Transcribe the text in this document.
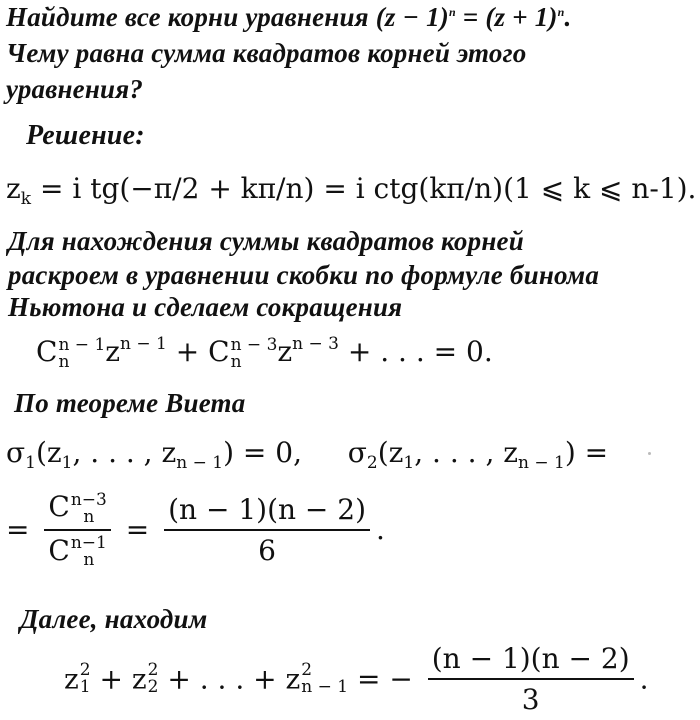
Найдите все корни уравнения $(z - 1)^n = (z + 1)^n$.
Чему равна сумма квадратов корней этого
уравнения?
Решение:
$z_k = i$ tg(−π/2 + kπ/n) = i ctg(kπ/n)(1 ⩽ k ⩽ n-1).
Для нахождения суммы квадратов корней
раскроем в уравнении скобки по формуле бинома
Ньютона и сделаем сокращения
C n − 1
n	$z^{n - 1} + C$ n − 3
n	$z^{n - 3}$ + . . . = 0.
По теореме Виета
$\sigma_1(z_1$, . . . , $z_{n - 1}) = 0$, $\sigma_2(z_1$, . . . , $z_{n - 1}$) =
= C n−3
n
C n−1
$n = \frac{(n - 1)(n - 2)}{6}$ .
Далее, находим
z 2
1 + z 2
2 + . . . + z 2
n − 1 = − $\frac{(n - 1)(n - 2)}{3}$ .
